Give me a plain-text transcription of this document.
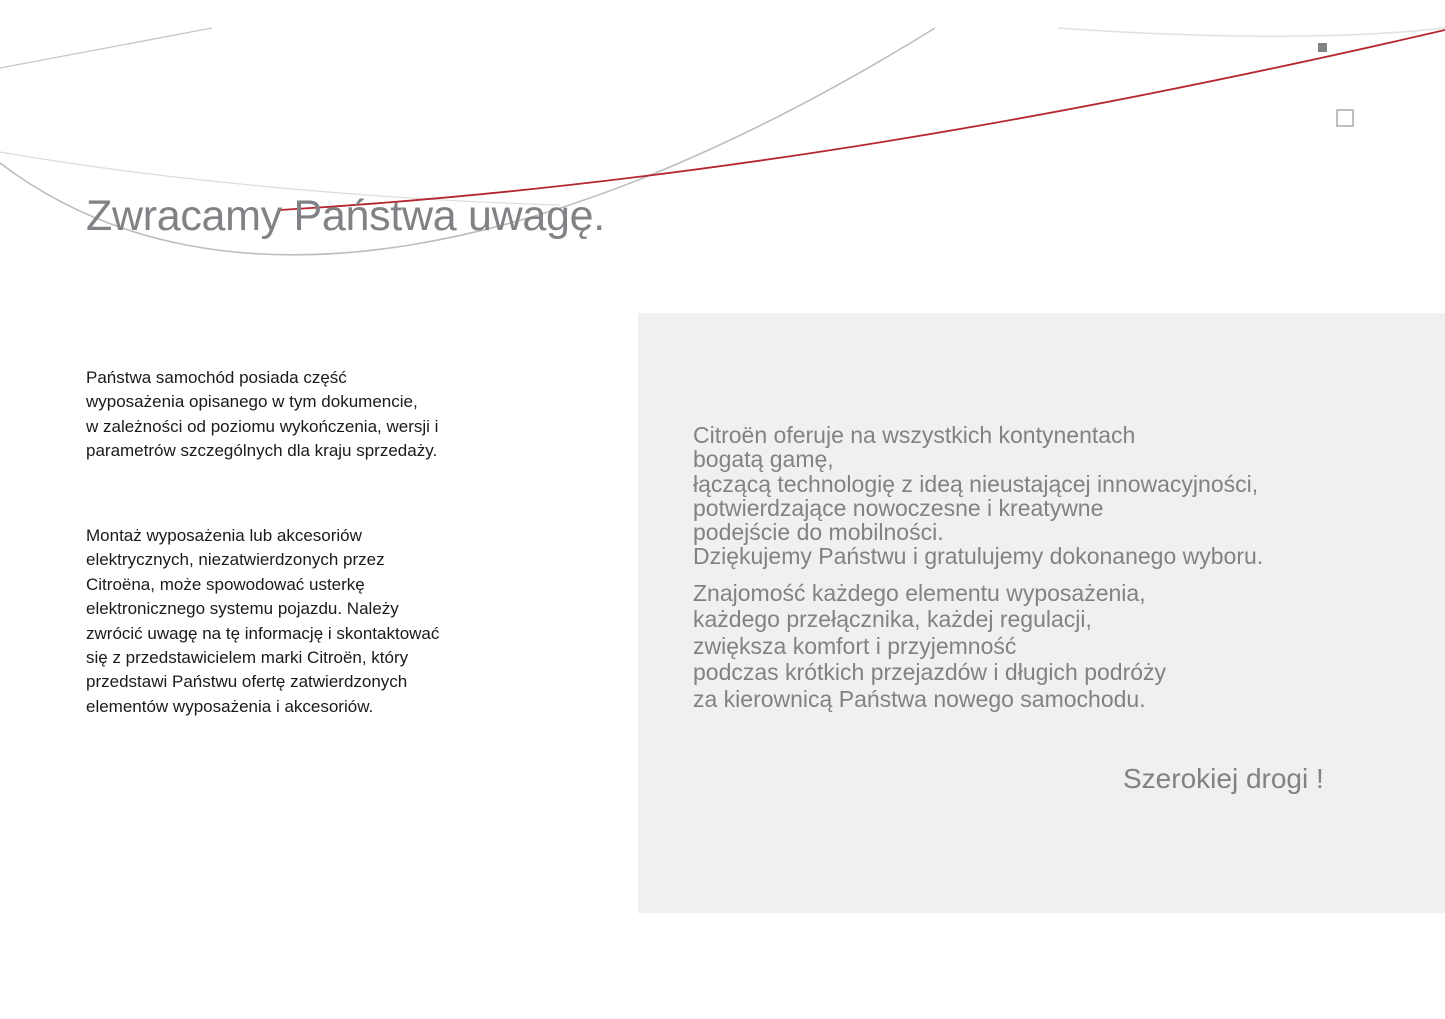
Zwracamy Państwa uwagę.
Państwa samochód posiada część
wyposażenia opisanego w tym dokumencie,
w zależności od poziomu wykończenia, wersji i
parametrów szczególnych dla kraju sprzedaży.
Montaż wyposażenia lub akcesoriów
elektrycznych, niezatwierdzonych przez
Citroëna, może spowodować usterkę
elektronicznego systemu pojazdu. Należy
zwrócić uwagę na tę informację i skontaktować
się z przedstawicielem marki Citroën, który
przedstawi Państwu ofertę zatwierdzonych
elementów wyposażenia i akcesoriów.
Citroën oferuje na wszystkich kontynentach
bogatą gamę,
łączącą technologię z ideą nieustającej innowacyjności,
potwierdzające nowoczesne i kreatywne
podejście do mobilności.
Dziękujemy Państwu i gratulujemy dokonanego wyboru.
Znajomość każdego elementu wyposażenia,
każdego przełącznika, każdej regulacji,
zwiększa komfort i przyjemność
podczas krótkich przejazdów i długich podróży
za kierownicą Państwa nowego samochodu.
Szerokiej drogi !
